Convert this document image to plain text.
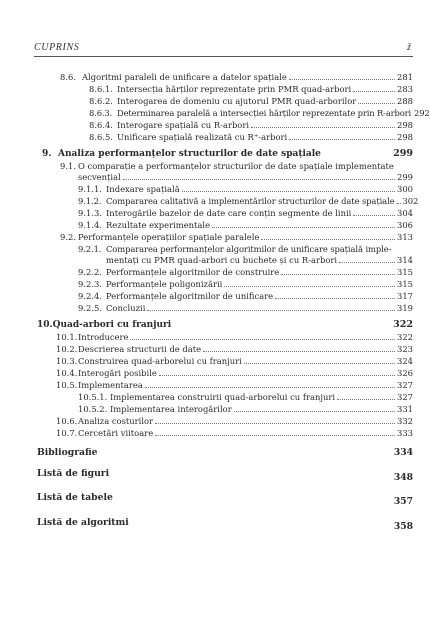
CUPRINS	ž
8.6. Algoritmi paraleli de unificare a datelor spațiale	281
8.6.1. Intersecția hărților reprezentate prin PMR quad-arbori	283
8.6.2. Interogarea de domeniu cu ajutorul PMR quad-arborilor	288
8.6.3. Determinarea paralelă a intersecției hărților reprezentate prin R-arbori 292
8.6.4. Interogare spațială cu R-arbori	298
8.6.5. Unificare spațială realizată cu R⁺-arbori	298
9. Analiza performanțelor structurilor de date spațiale	299
9.1. O comparație a performanțelor structurilor de date spațiale implementate
secvențial	299
9.1.1. Indexare spațială	300
9.1.2. Compararea calitativă a implementărilor structurilor de date spațiale 302
9.1.3. Interogările bazelor de date care conțin segmente de linii	304
9.1.4. Rezultate experimentale	306
9.2. Performanțele operațiilor spațiale paralele	313
9.2.1. Compararea performanțelor algoritmilor de unificare spațială imple-
mentați cu PMR quad-arbori cu buchete și cu R-arbori	314
9.2.2. Performanțele algoritmilor de construire	315
9.2.3. Performanțele poligonizării	315
9.2.4. Performanțele algoritmilor de unificare	317
9.2.5. Concluzii	319
10. Quad-arbori cu franjuri	322
10.1. Introducere	322
10.2. Descrierea structurii de date	323
10.3. Construirea quad-arborelui cu franjuri	324
10.4. Interogări posibile	326
10.5. Implementarea	327
10.5.1. Implementarea construirii quad-arborelui cu franjuri	327
10.5.2. Implementarea interogărilor	331
10.6. Analiza costurilor	332
10.7. Cercetări viitoare	333
Bibliografie	334
Listă de figuri	348
Listă de tabele	357
Listă de algoritmi	358
